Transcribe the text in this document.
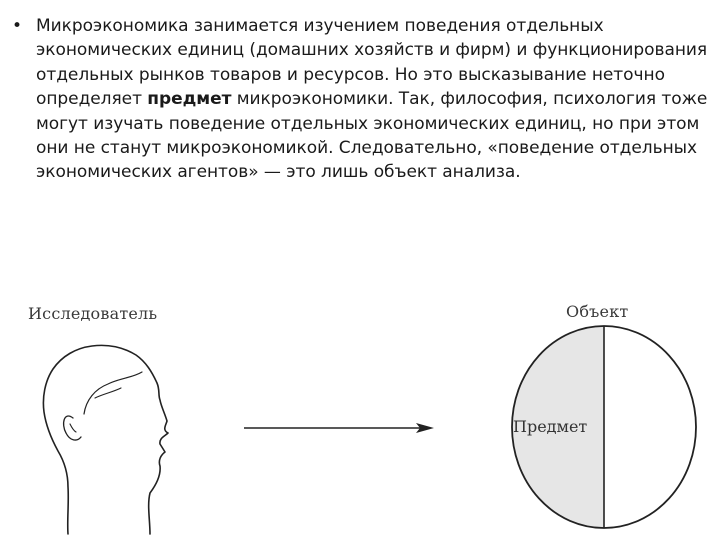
• Микроэкономика занимается изучением поведения отдельных экономических единиц (домашних хозяйств и фирм) и функционирования отдельных рынков товаров и ресурсов. Но это высказывание неточно определяет предмет микроэкономики. Так, философия, психология тоже могут изучать поведение отдельных экономических единиц, но при этом они не станут микроэкономикой. Следовательно, «поведение отдельных экономических агентов» — это лишь объект анализа.
Исследователь	Объект
Предмет
